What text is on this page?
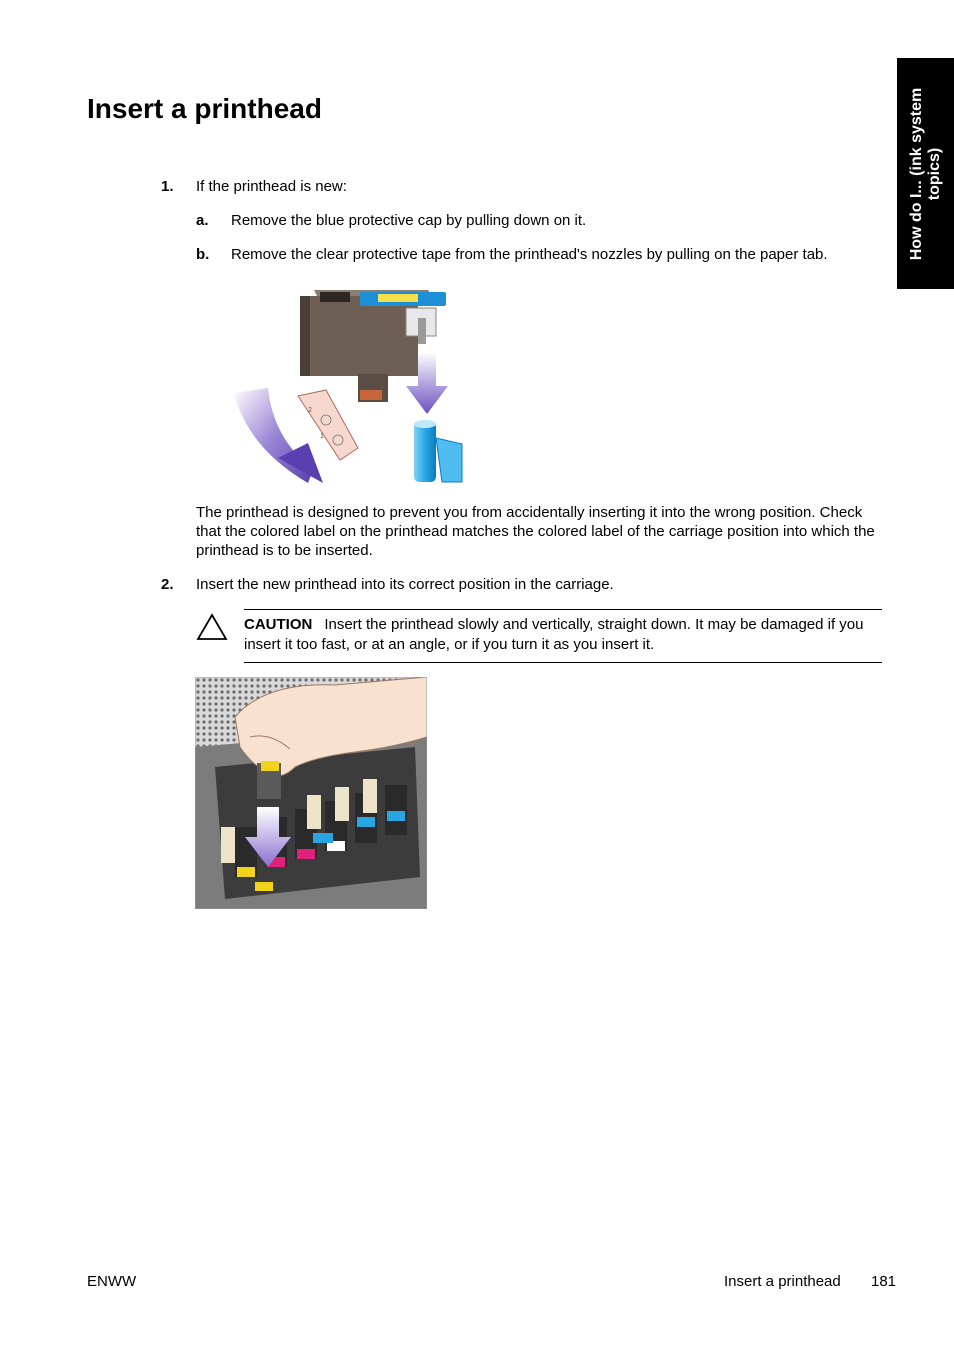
How do I... (ink system topics)
Insert a printhead
1. If the printhead is new:
a. Remove the blue protective cap by pulling down on it.
b. Remove the clear protective tape from the printhead's nozzles by pulling on the paper tab.
2
1
The printhead is designed to prevent you from accidentally inserting it into the wrong position. Check that the colored label on the printhead matches the colored label of the carriage position into which the printhead is to be inserted.
2. Insert the new printhead into its correct position in the carriage.
CAUTION Insert the printhead slowly and vertically, straight down. It may be damaged if you insert it too fast, or at an angle, or if you turn it as you insert it.
ENWW	Insert a printhead 181
